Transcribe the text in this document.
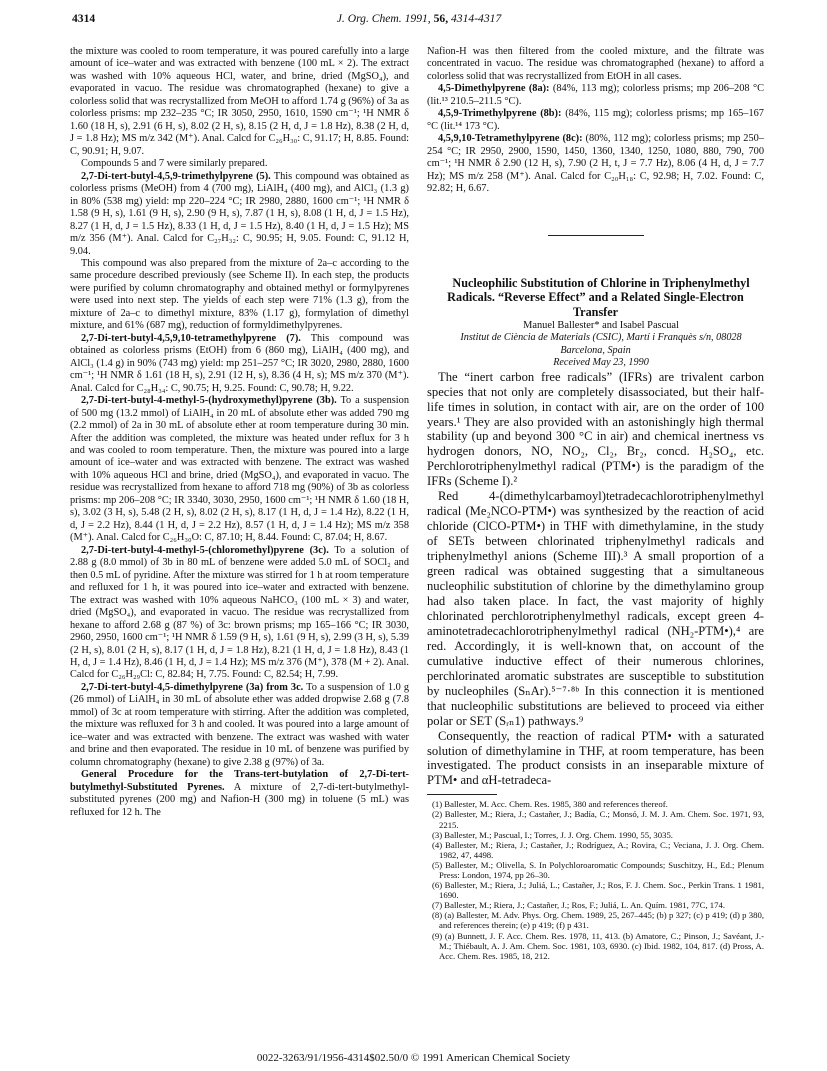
4314	J. Org. Chem. 1991, 56, 4314-4317

the mixture was cooled to room temperature, it was poured carefully into a large amount of ice–water and was extracted with benzene (100 mL × 2). The extract was washed with 10% aqueous HCl, water, and brine, dried (MgSO₄), and evaporated in vacuo. The residue was chromatographed (hexane) to give a colorless solid that was recrystallized from MeOH to afford 1.74 g (96%) of 3a as colorless prisms: mp 232–235 °C; IR 3050, 2950, 1610, 1590 cm⁻¹; ¹H NMR δ 1.60 (18 H, s), 2.91 (6 H, s), 8.02 (2 H, s), 8.15 (2 H, d, J = 1.8 Hz), 8.38 (2 H, d, J = 1.8 Hz); MS m/z 342 (M⁺). Anal. Calcd for C₂₆H₃₀: C, 91.17; H, 8.85. Found: C, 90.91; H, 9.07.

Compounds 5 and 7 were similarly prepared.

2,7-Di-tert-butyl-4,5,9-trimethylpyrene (5). This compound was obtained as colorless prisms (MeOH) from 4 (700 mg), LiAlH₄ (400 mg), and AlCl₃ (1.3 g) in 80% (538 mg) yield: mp 220–224 °C; IR 2980, 2880, 1600 cm⁻¹; ¹H NMR δ 1.58 (9 H, s), 1.61 (9 H, s), 2.90 (9 H, s), 7.87 (1 H, s), 8.08 (1 H, d, J = 1.5 Hz), 8.27 (1 H, d, J = 1.5 Hz), 8.33 (1 H, d, J = 1.5 Hz), 8.40 (1 H, d, J = 1.5 Hz); MS m/z 356 (M⁺). Anal. Calcd for C₂₇H₃₂: C, 90.95; H, 9.05. Found: C, 91.12 H, 9.04.

This compound was also prepared from the mixture of 2a–c according to the same procedure described previously (see Scheme II). In each step, the products were purified by column chromatography and obtained methyl or formylpyrenes were used into next step. The yields of each step were 71% (1.3 g), from the mixture of 2a–c to dimethyl mixture, 83% (1.17 g), formylation of dimethyl mixture, and 61% (687 mg), reduction of formyldimethylpyrenes.

2,7-Di-tert-butyl-4,5,9,10-tetramethylpyrene (7). This compound was obtained as colorless prisms (EtOH) from 6 (860 mg), LiAlH₄ (400 mg), and AlCl₃ (1.4 g) in 90% (743 mg) yield: mp 251–257 °C; IR 3020, 2980, 2880, 1600 cm⁻¹; ¹H NMR δ 1.61 (18 H, s), 2.91 (12 H, s), 8.36 (4 H, s); MS m/z 370 (M⁺). Anal. Calcd for C₂₈H₃₄: C, 90.75; H, 9.25. Found: C, 90.78; H, 9.22.

2,7-Di-tert-butyl-4-methyl-5-(hydroxymethyl)pyrene (3b). To a suspension of 500 mg (13.2 mmol) of LiAlH₄ in 20 mL of absolute ether was added 790 mg (2.2 mmol) of 2a in 30 mL of absolute ether at room temperature during 30 min. After the addition was completed, the mixture was heated under reflux for 3 h and was cooled to room temperature. Then, the mixture was poured into a large amount of ice–water and was extracted with benzene. The extract was washed with 10% aqueous HCl and brine, dried (MgSO₄), and evaporated in vacuo. The residue was recrystallized from hexane to afford 718 mg (90%) of 3b as colorless prisms: mp 206–208 °C; IR 3340, 3030, 2950, 1600 cm⁻¹; ¹H NMR δ 1.60 (18 H, s), 3.02 (3 H, s), 5.48 (2 H, s), 8.02 (2 H, s), 8.17 (1 H, d, J = 1.4 Hz), 8.22 (1 H, d, J = 2.2 Hz), 8.44 (1 H, d, J = 2.2 Hz), 8.57 (1 H, d, J = 1.4 Hz); MS m/z 358 (M⁺). Anal. Calcd for C₂₆H₃₀O: C, 87.10; H, 8.44. Found: C, 87.04; H, 8.67.

2,7-Di-tert-butyl-4-methyl-5-(chloromethyl)pyrene (3c). To a solution of 2.88 g (8.0 mmol) of 3b in 80 mL of benzene were added 5.0 mL of SOCl₂ and then 0.5 mL of pyridine. After the mixture was stirred for 1 h at room temperature and refluxed for 1 h, it was poured into ice–water and extracted with benzene. The extract was washed with 10% aqueous NaHCO₃ (100 mL × 3) and water, dried (MgSO₄), and evaporated in vacuo. The residue was recrystallized from hexane to afford 2.68 g (87 %) of 3c: brown prisms; mp 165–166 °C; IR 3030, 2960, 2950, 1600 cm⁻¹; ¹H NMR δ 1.59 (9 H, s), 1.61 (9 H, s), 2.99 (3 H, s), 5.39 (2 H, s), 8.01 (2 H, s), 8.17 (1 H, d, J = 1.8 Hz), 8.21 (1 H, d, J = 1.8 Hz), 8.43 (1 H, d, J = 1.4 Hz), 8.46 (1 H, d, J = 1.4 Hz); MS m/z 376 (M⁺), 378 (M + 2). Anal. Calcd for C₂₆H₂₉Cl: C, 82.84; H, 7.75. Found: C, 82.54; H, 7.99.

2,7-Di-tert-butyl-4,5-dimethylpyrene (3a) from 3c. To a suspension of 1.0 g (26 mmol) of LiAlH₄ in 30 mL of absolute ether was added dropwise 2.68 g (7.8 mmol) of 3c at room temperature with stirring. After the addition was completed, the mixture was refluxed for 3 h and cooled. It was poured into a large amount of ice–water and was extracted with benzene. The extract was washed with water and brine and then evaporated. The residue in 10 mL of benzene was purified by column chromatography (hexane) to give 2.38 g (97%) of 3a.

General Procedure for the Trans-tert-butylation of 2,7-Di-tert-butylmethyl-Substituted Pyrenes. A mixture of 2,7-di-tert-butylmethyl-substituted pyrenes (200 mg) and Nafion-H (300 mg) in toluene (5 mL) was refluxed for 12 h. The

Nafion-H was then filtered from the cooled mixture, and the filtrate was concentrated in vacuo. The residue was chromatographed (hexane) to afford a colorless solid that was recrystallized from EtOH in all cases.

4,5-Dimethylpyrene (8a): (84%, 113 mg); colorless prisms; mp 206–208 °C (lit.¹³ 210.5–211.5 °C).

4,5,9-Trimethylpyrene (8b): (84%, 115 mg); colorless prisms; mp 165–167 °C (lit.¹⁴ 173 °C).

4,5,9,10-Tetramethylpyrene (8c): (80%, 112 mg); colorless prisms; mp 250–254 °C; IR 2950, 2900, 1590, 1450, 1360, 1340, 1250, 1080, 880, 790, 700 cm⁻¹; ¹H NMR δ 2.90 (12 H, s), 7.90 (2 H, t, J = 7.7 Hz), 8.06 (4 H, d, J = 7.7 Hz); MS m/z 258 (M⁺). Anal. Calcd for C₂₀H₁₈: C, 92.98; H, 7.02. Found: C, 92.82; H, 6.67.

Nucleophilic Substitution of Chlorine in Triphenylmethyl Radicals. “Reverse Effect” and a Related Single-Electron Transfer

Manuel Ballester* and Isabel Pascual

Institut de Ciència de Materials (CSIC), Martí i Franquès s/n, 08028 Barcelona, Spain

Received May 23, 1990

The “inert carbon free radicals” (IFRs) are trivalent carbon species that not only are completely disassociated, but their half-life times in solution, in contact with air, are on the order of 100 years.¹ They are also provided with an astonishingly high thermal stability (up and beyond 300 °C in air) and chemical inertness vs hydrogen donors, NO, NO₂, Cl₂, Br₂, concd. H₂SO₄, etc. Perchlorotriphenylmethyl radical (PTM•) is the paradigm of the IFRs (Scheme I).²

Red 4-(dimethylcarbamoyl)tetradecachlorotriphenylmethyl radical (Me₂NCO-PTM•) was synthesized by the reaction of acid chloride (ClCO-PTM•) in THF with dimethylamine, in the study of SETs between chlorinated triphenylmethyl radicals and triphenylmethyl anions (Scheme III).³ A small proportion of a green radical was obtained suggesting that a simultaneous nucleophilic substitution of chlorine by the dimethylamino group had also taken place. In fact, the vast majority of highly chlorinated perchlorotriphenylmethyl radicals, except green 4-aminotetradecachlorotriphenylmethyl radical (NH₂-PTM•),⁴ are red. Accordingly, it is well-known that, on account of the cumulative inductive effect of their numerous chlorines, perchlorinated aromatic substrates are susceptible to substitution by nucleophiles (SₙAr).⁵⁻⁷·⁸ᵇ In this connection it is mentioned that nucleophilic substitutions are believed to proceed via either polar or SET (Sᵣₙ1) pathways.⁹

Consequently, the reaction of radical PTM• with a saturated solution of dimethylamine in THF, at room temperature, has been investigated. The product consists in an inseparable mixture of PTM• and αH-tetradeca-

(1) Ballester, M. Acc. Chem. Res. 1985, 380 and references thereof.

(2) Ballester, M.; Riera, J.; Castañer, J.; Badía, C.; Monsó, J. M. J. Am. Chem. Soc. 1971, 93, 2215.

(3) Ballester, M.; Pascual, I.; Torres, J. J. Org. Chem. 1990, 55, 3035.

(4) Ballester, M.; Riera, J.; Castañer, J.; Rodríguez, A.; Rovira, C.; Veciana, J. J. Org. Chem. 1982, 47, 4498.

(5) Ballester, M.; Olivella, S. In Polychloroaromatic Compounds; Suschitzy, H., Ed.; Plenum Press: London, 1974, pp 26–30.

(6) Ballester, M.; Riera, J.; Juliá, L.; Castañer, J.; Ros, F. J. Chem. Soc., Perkin Trans. 1 1981, 1690.

(7) Ballester, M.; Riera, J.; Castañer, J.; Ros, F.; Juliá, L. An. Quím. 1981, 77C, 174.

(8) (a) Ballester, M. Adv. Phys. Org. Chem. 1989, 25, 267–445; (b) p 327; (c) p 419; (d) p 380, and references therein; (e) p 419; (f) p 431.

(9) (a) Bunnett, J. F. Acc. Chem. Res. 1978, 11, 413. (b) Amatore, C.; Pinson, J.; Savéant, J.-M.; Thiébault, A. J. Am. Chem. Soc. 1981, 103, 6930. (c) Ibid. 1982, 104, 817. (d) Pross, A. Acc. Chem. Res. 1985, 18, 212.

0022-3263/91/1956-4314$02.50/0 © 1991 American Chemical Society
